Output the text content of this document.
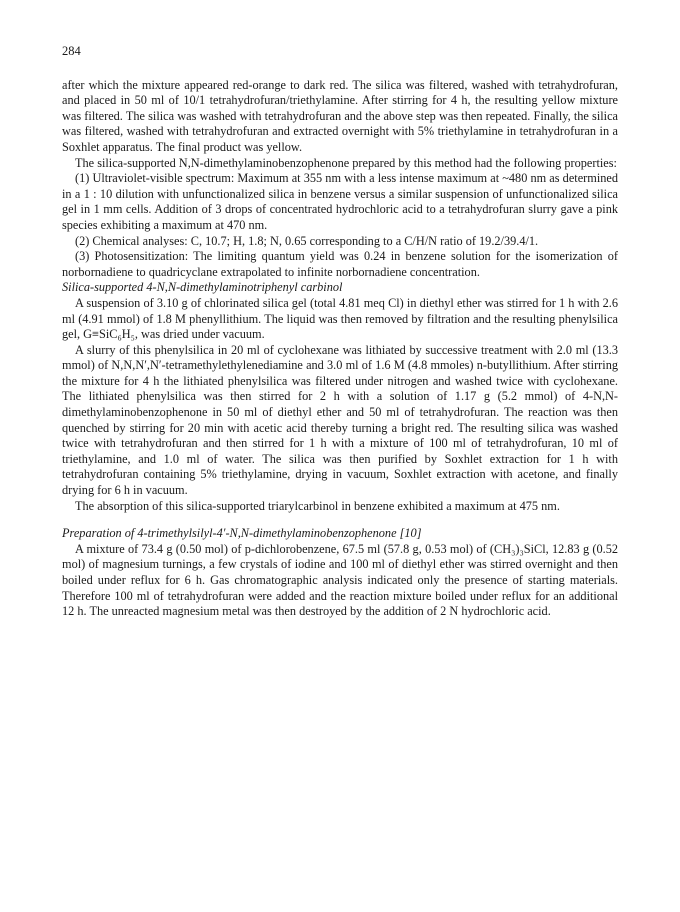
284

after which the mixture appeared red-orange to dark red. The silica was filtered, washed with tetrahydrofuran, and placed in 50 ml of 10/1 tetrahydrofuran/triethylamine. After stirring for 4 h, the resulting yellow mixture was filtered. The silica was washed with tetrahydrofuran and the above step was then repeated. Finally, the silica was filtered, washed with tetrahydrofuran and extracted overnight with 5% triethylamine in tetrahydrofuran in a Soxhlet apparatus. The final product was yellow.

The silica-supported N,N-dimethylaminobenzophenone prepared by this method had the following properties:

(1) Ultraviolet-visible spectrum: Maximum at 355 nm with a less intense maximum at ~480 nm as determined in a 1 : 10 dilution with unfunctionalized silica in benzene versus a similar suspension of unfunctionalized silica gel in 1 mm cells. Addition of 3 drops of concentrated hydrochloric acid to a tetrahydrofuran slurry gave a pink species exhibiting a maximum at 470 nm.

(2) Chemical analyses: C, 10.7; H, 1.8; N, 0.65 corresponding to a C/H/N ratio of 19.2/39.4/1.

(3) Photosensitization: The limiting quantum yield was 0.24 in benzene solution for the isomerization of norbornadiene to quadricyclane extrapolated to infinite norbornadiene concentration.

Silica-supported 4-N,N-dimethylaminotriphenyl carbinol

A suspension of 3.10 g of chlorinated silica gel (total 4.81 meq Cl) in diethyl ether was stirred for 1 h with 2.6 ml (4.91 mmol) of 1.8 M phenyllithium. The liquid was then removed by filtration and the resulting phenylsilica gel, G≡SiC₆H₅, was dried under vacuum.

A slurry of this phenylsilica in 20 ml of cyclohexane was lithiated by successive treatment with 2.0 ml (13.3 mmol) of N,N,N′,N′-tetramethylethylenediamine and 3.0 ml of 1.6 M (4.8 mmoles) n-butyllithium. After stirring the mixture for 4 h the lithiated phenylsilica was filtered under nitrogen and washed twice with cyclohexane. The lithiated phenylsilica was then stirred for 2 h with a solution of 1.17 g (5.2 mmol) of 4-N,N-dimethylaminobenzophenone in 50 ml of diethyl ether and 50 ml of tetrahydrofuran. The reaction was then quenched by stirring for 20 min with acetic acid thereby turning a bright red. The resulting silica was washed twice with tetrahydrofuran and then stirred for 1 h with a mixture of 100 ml of tetrahydrofuran, 10 ml of triethylamine, and 1.0 ml of water. The silica was then purified by Soxhlet extraction for 1 h with tetrahydrofuran containing 5% triethylamine, drying in vacuum, Soxhlet extraction with acetone, and finally drying for 6 h in vacuum.

The absorption of this silica-supported triarylcarbinol in benzene exhibited a maximum at 475 nm.

Preparation of 4-trimethylsilyl-4′-N,N-dimethylaminobenzophenone [10]

A mixture of 73.4 g (0.50 mol) of p-dichlorobenzene, 67.5 ml (57.8 g, 0.53 mol) of (CH₃)₃SiCl, 12.83 g (0.52 mol) of magnesium turnings, a few crystals of iodine and 100 ml of diethyl ether was stirred overnight and then boiled under reflux for 6 h. Gas chromatographic analysis indicated only the presence of starting materials. Therefore 100 ml of tetrahydrofuran were added and the reaction mixture boiled under reflux for an additional 12 h. The unreacted magnesium metal was then destroyed by the addition of 2 N hydrochloric acid.
